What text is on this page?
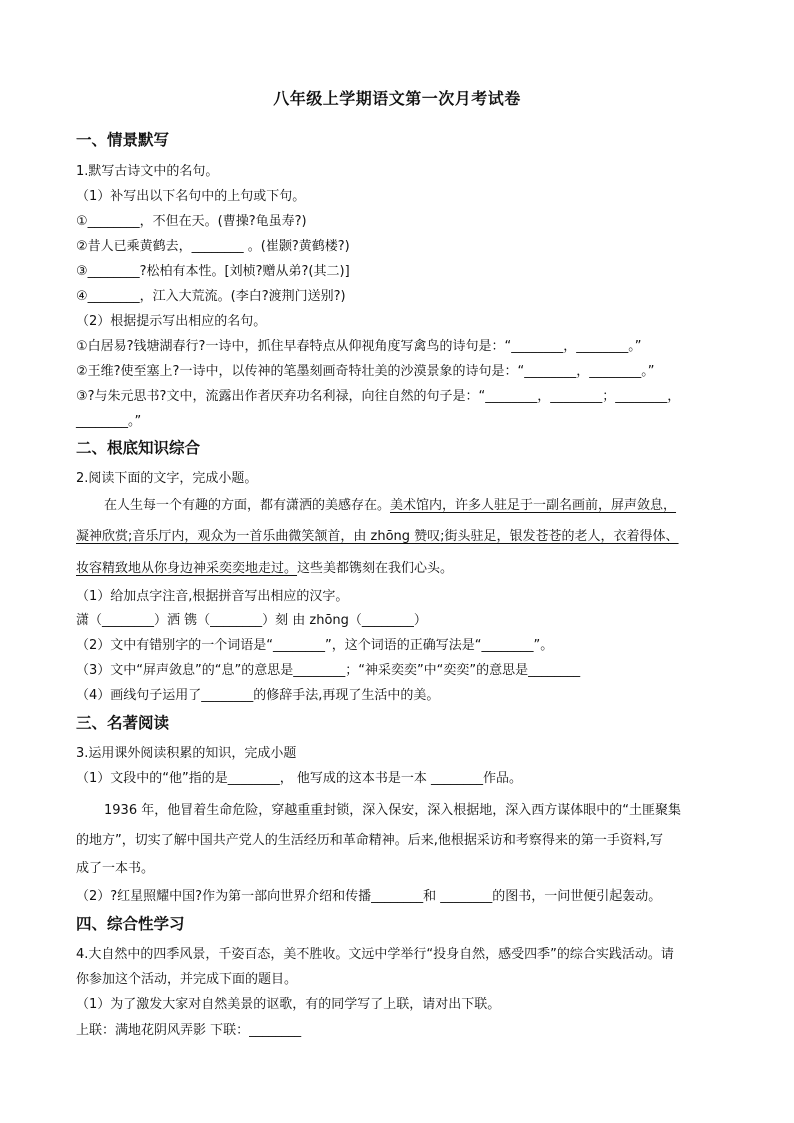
八年级上学期语文第一次月考试卷
一、情景默写
1.默写古诗文中的名句。
（1）补写出以下名句中的上句或下句。
①________，不但在天。(曹操?龟虽寿?)
②昔人已乘黄鹤去，________ 。(崔颢?黄鹤楼?)
③________?松柏有本性。[刘桢?赠从弟?(其二)]
④________，江入大荒流。(李白?渡荆门送别?)
（2）根据提示写出相应的名句。
①白居易?钱塘湖春行?一诗中，抓住早春特点从仰视角度写禽鸟的诗句是：“________，________。”
②王维?使至塞上?一诗中，以传神的笔墨刻画奇特壮美的沙漠景象的诗句是：“________，________。”
③?与朱元思书?文中，流露出作者厌弃功名利禄，向往自然的句子是：“________，________；________，
________。”
二、根底知识综合
2.阅读下面的文字，完成小题。
在人生每一个有趣的方面，都有潇洒的美感存在。美术馆内，许多人驻足于一副名画前，屏声敛息，
凝神欣赏;音乐厅内，观众为一首乐曲微笑颔首，由 zhōng 赞叹;街头驻足，银发苍苍的老人，衣着得体、
妆容精致地从你身边神采奕奕地走过。这些美都镌刻在我们心头。
（1）给加点字注音,根据拼音写出相应的汉字。
潇（________）洒 镌（________）刻 由 zhōng（________）
（2）文中有错别字的一个词语是“________”，这个词语的正确写法是“________”。
（3）文中“屏声敛息”的“息”的意思是________；“神采奕奕”中“奕奕”的意思是________
（4）画线句子运用了________的修辞手法,再现了生活中的美。
三、名著阅读
3.运用课外阅读积累的知识，完成小题
（1）文段中的“他”指的是________， 他写成的这本书是一本 ________作品。
1936 年，他冒着生命危险，穿越重重封锁，深入保安，深入根据地，深入西方谋体眼中的“土匪聚集
的地方”，切实了解中国共产党人的生活经历和革命精神。后来,他根据采访和考察得来的第一手资料,写
成了一本书。
（2）?红星照耀中国?作为第一部向世界介绍和传播________和 ________的图书，一问世便引起轰动。
四、综合性学习
4.大自然中的四季风景，千姿百态，美不胜收。文远中学举行“投身自然，感受四季”的综合实践活动。请
你参加这个活动，并完成下面的题目。
（1）为了激发大家对自然美景的讴歌，有的同学写了上联，请对出下联。
上联：满地花阴风弄影 下联：________
